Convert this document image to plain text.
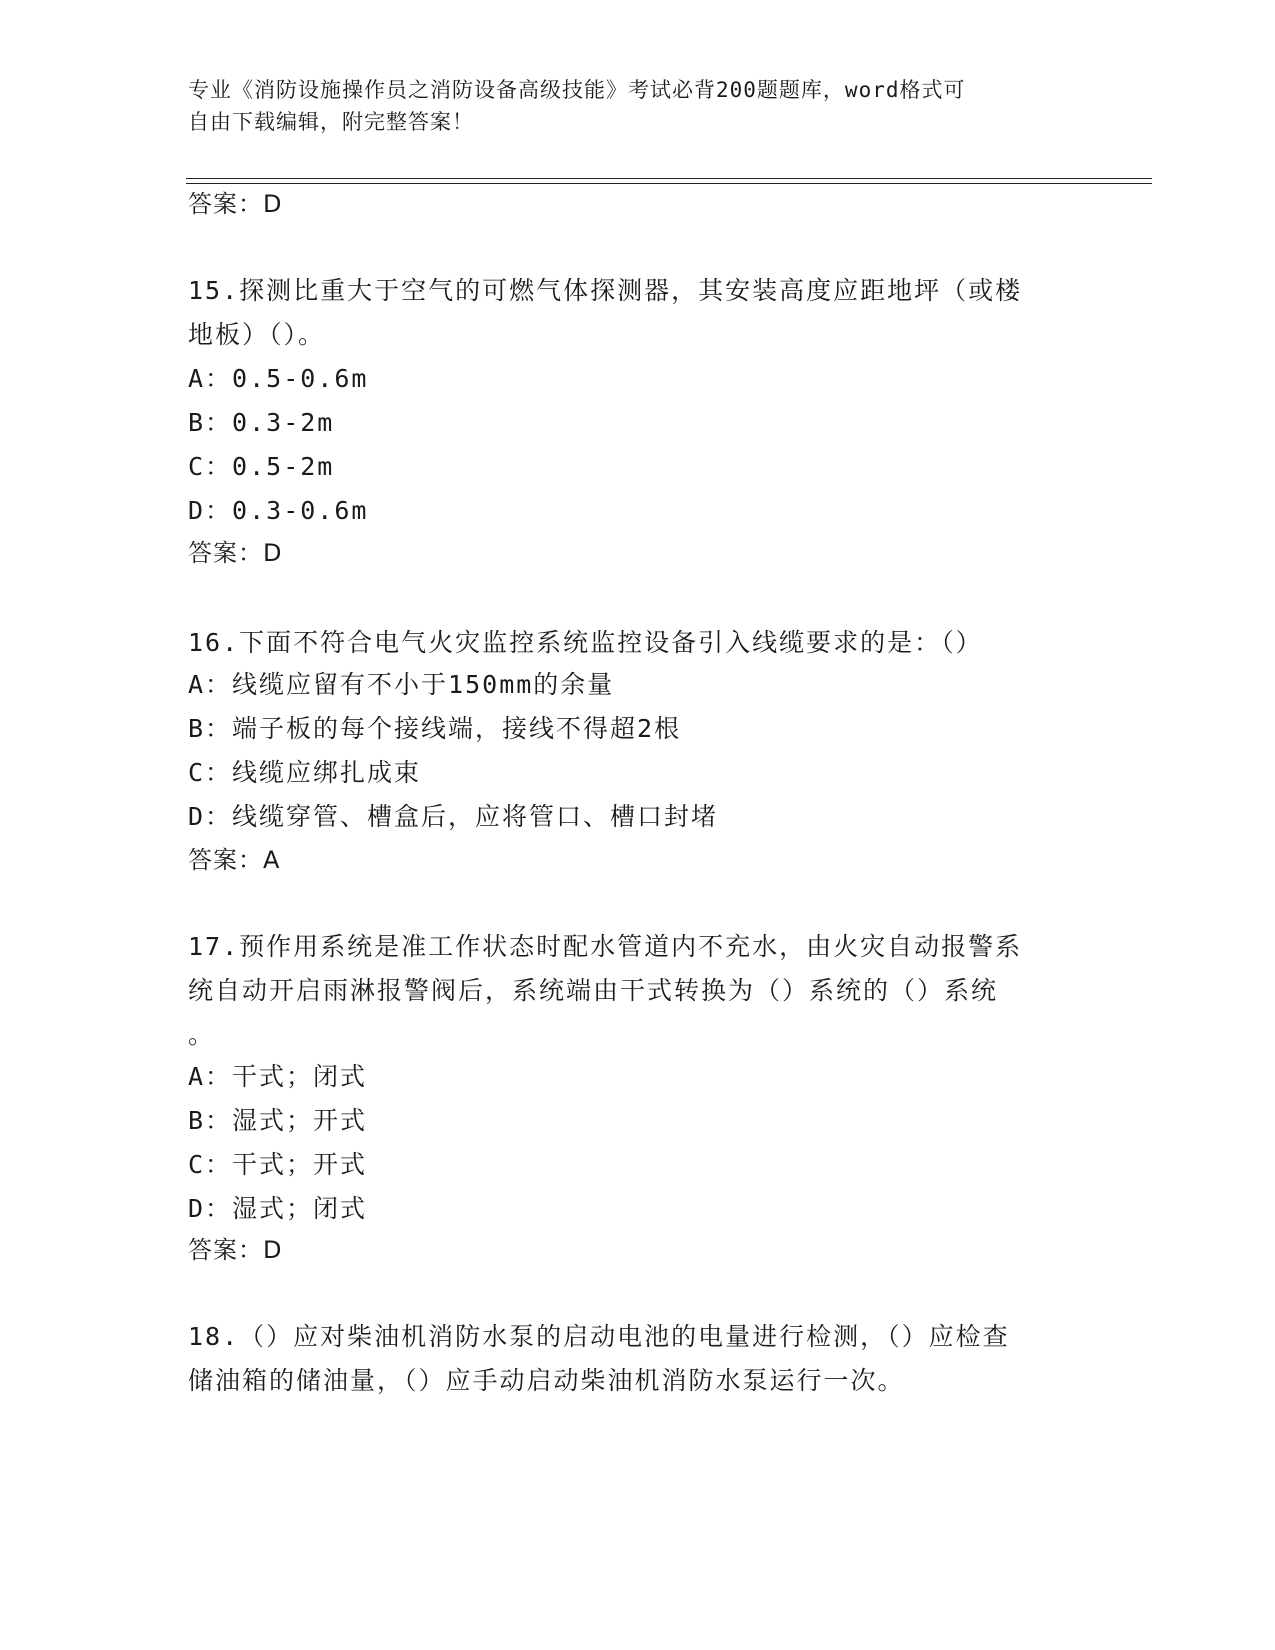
专业《消防设施操作员之消防设备高级技能》考试必背200题题库，word格式可
自由下载编辑，附完整答案！

答案：D

15.探测比重大于空气的可燃气体探测器，其安装高度应距地坪（或楼

地板）（）。

A：0.5-0.6m

B：0.3-2m

C：0.5-2m

D：0.3-0.6m

答案：D

16.下面不符合电气火灾监控系统监控设备引入线缆要求的是：（）

A：线缆应留有不小于150mm的余量

B：端子板的每个接线端，接线不得超2根

C：线缆应绑扎成束

D：线缆穿管、槽盒后，应将管口、槽口封堵

答案：A

17.预作用系统是准工作状态时配水管道内不充水，由火灾自动报警系

统自动开启雨淋报警阀后，系统端由干式转换为（）系统的（）系统

。

A：干式；闭式

B：湿式；开式

C：干式；开式

D：湿式；闭式

答案：D

18.（）应对柴油机消防水泵的启动电池的电量进行检测，（）应检查

储油箱的储油量，（）应手动启动柴油机消防水泵运行一次。
